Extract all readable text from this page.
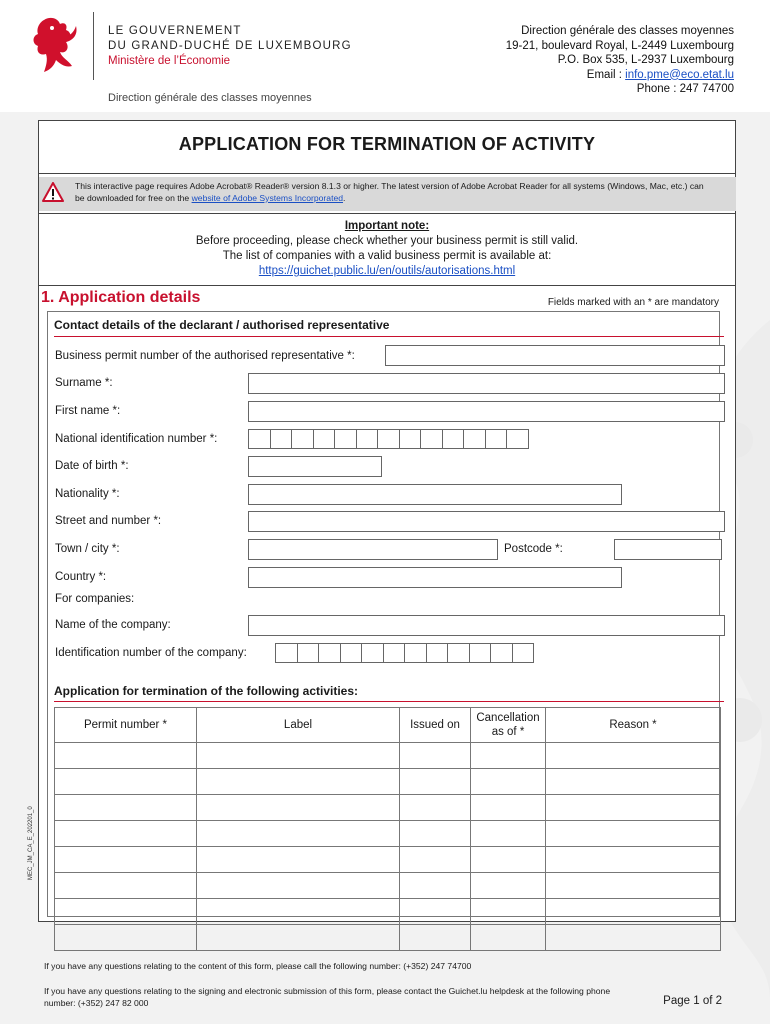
LE GOUVERNEMENT
DU GRAND-DUCHÉ DE LUXEMBOURG
Ministère de l’Économie
Direction générale des classes moyennes
Direction générale des classes moyennes
19-21, boulevard Royal, L-2449 Luxembourg
P.O. Box 535, L-2937 Luxembourg
Email : info.pme@eco.etat.lu
Phone : 247 74700
APPLICATION FOR TERMINATION OF ACTIVITY
This interactive page requires Adobe Acrobat® Reader® version 8.1.3 or higher. The latest version of Adobe Acrobat Reader for all systems (Windows, Mac, etc.) can be downloaded for free on the website of Adobe Systems Incorporated.
Important note:
Before proceeding, please check whether your business permit is still valid.
The list of companies with a valid business permit is available at:
https://guichet.public.lu/en/outils/autorisations.html
1. Application details	Fields marked with an * are mandatory
Contact details of the declarant / authorised representative
Business permit number of the authorised representative *:
Surname *:
First name *:
National identification number *:
Date of birth *:
Nationality *:
Street and number *:
Town / city *:	Postcode *:
Country *:
For companies:
Name of the company:
Identification number of the company:
Application for termination of the following activities:
Permit number *	Label	Issued on	Cancellation as of *	Reason *

MEC_JM_CA_E_202201_0
If you have any questions relating to the content of this form, please call the following number: (+352) 247 74700
If you have any questions relating to the signing and electronic submission of this form, please contact the Guichet.lu helpdesk at the following phone number: (+352) 247 82 000	Page 1 of 2
